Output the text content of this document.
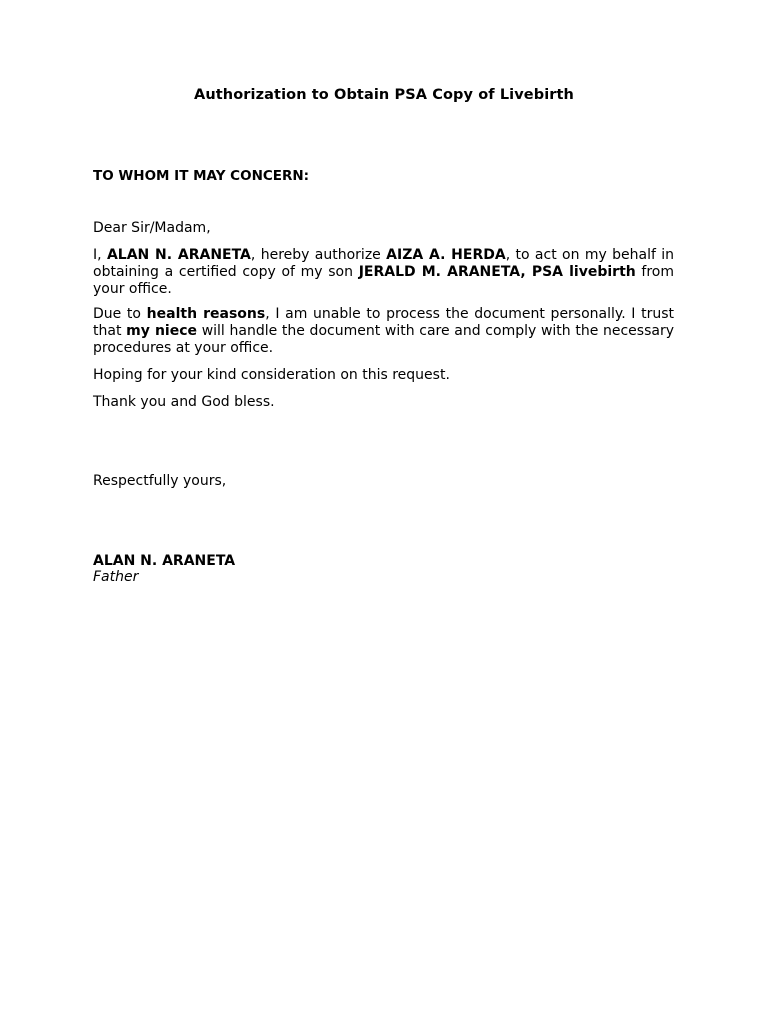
Authorization to Obtain PSA Copy of Livebirth
TO WHOM IT MAY CONCERN:
Dear Sir/Madam,
I, ALAN N. ARANETA, hereby authorize AIZA A. HERDA, to act on my behalf in obtaining a certified copy of my son JERALD M. ARANETA, PSA livebirth from your office.
Due to health reasons, I am unable to process the document personally. I trust that my niece will handle the document with care and comply with the necessary procedures at your office.
Hoping for your kind consideration on this request.
Thank you and God bless.
Respectfully yours,
ALAN N. ARANETA
Father
